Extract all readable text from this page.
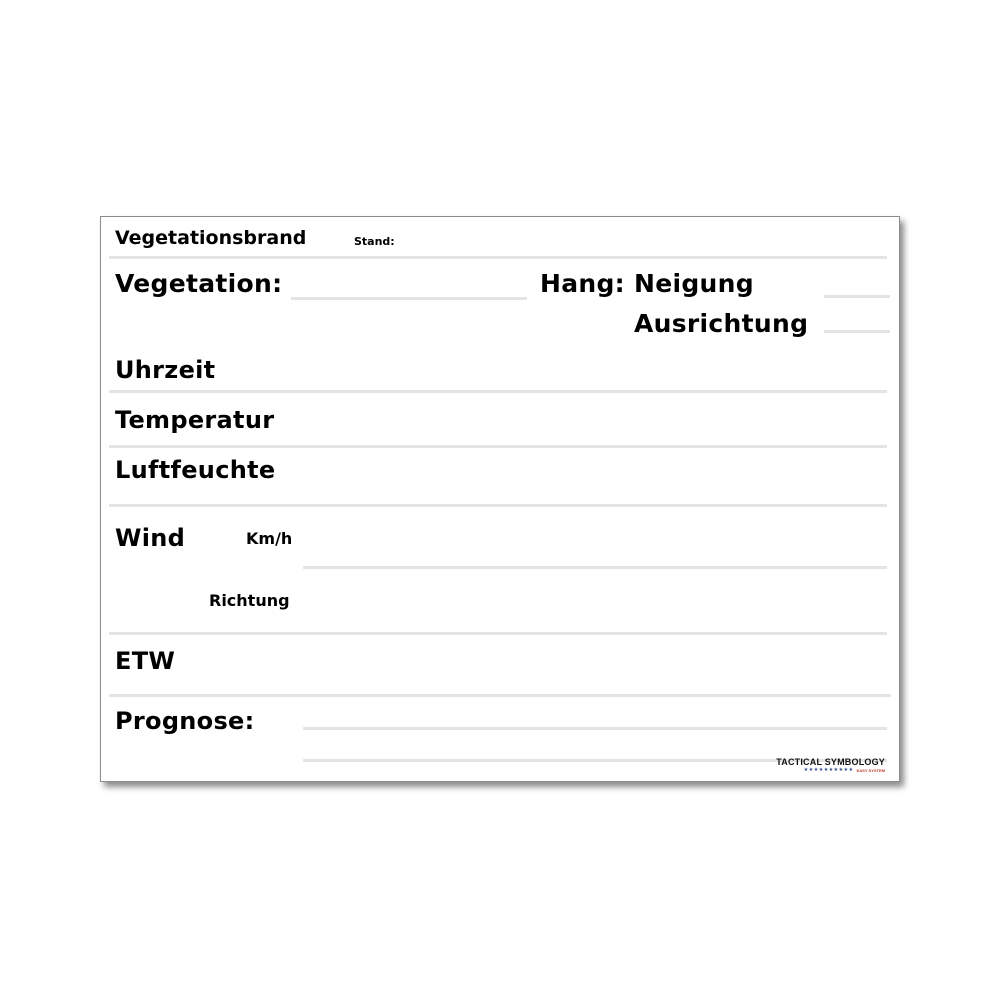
Vegetationsbrand	Stand:
Vegetation:	Hang: Neigung
Ausrichtung
Uhrzeit
Temperatur
Luftfeuchte
Wind	Km/h
Richtung
ETW
Prognose:
TACTICAL SYMBOLOGY
★★★★★★★★★★ EASY SYSTEM
